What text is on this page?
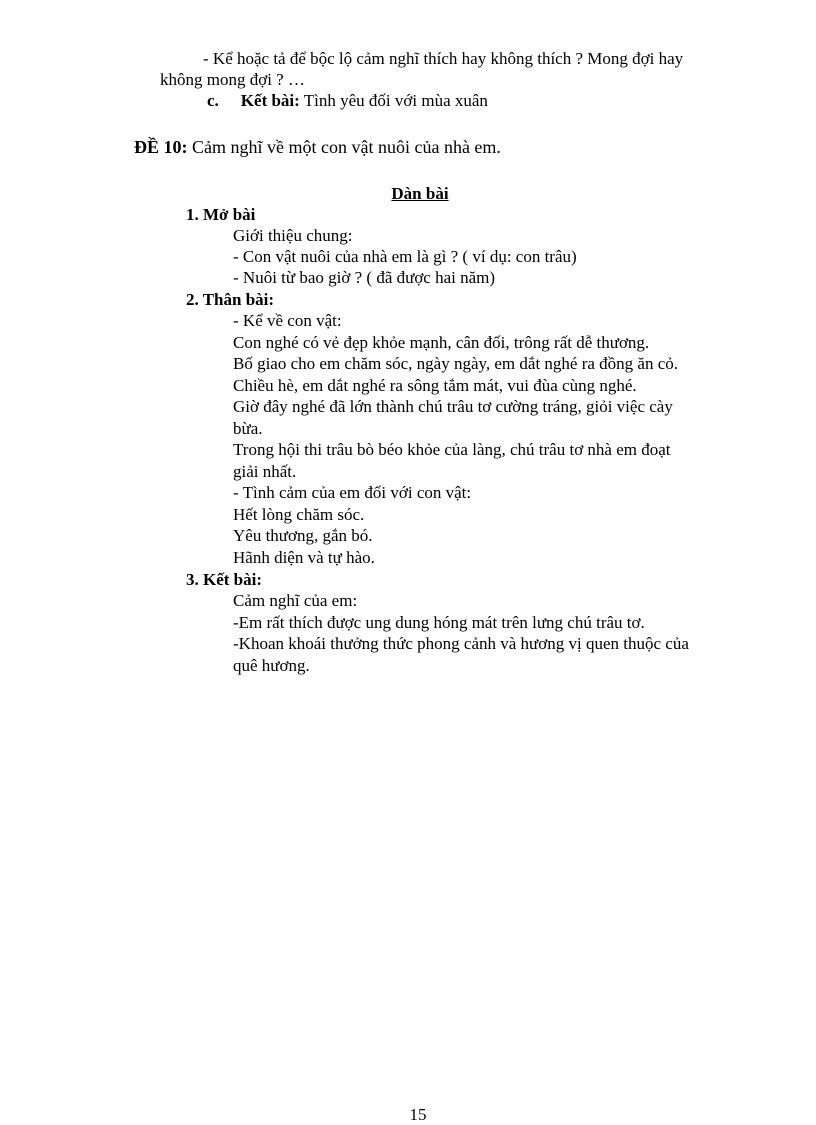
- Kể hoặc tả để bộc lộ cảm nghĩ thích hay không thích ? Mong đợi hay
không mong đợi ? …
c. Kết bài: Tình yêu đối với mùa xuân
ĐỀ 10: Cảm nghĩ về một con vật nuôi của nhà em.
Dàn bài
1. Mở bài
Giới thiệu chung:
- Con vật nuôi của nhà em là gì ? ( ví dụ: con trâu)
- Nuôi từ bao giờ ? ( đã được hai năm)
2. Thân bài:
- Kể về con vật:
Con nghé có vẻ đẹp khỏe mạnh, cân đối, trông rất dễ thương.
Bố giao cho em chăm sóc, ngày ngày, em dắt nghé ra đồng ăn cỏ.
Chiều hè, em dắt nghé ra sông tắm mát, vui đùa cùng nghé.
Giờ đây nghé đã lớn thành chú trâu tơ cường tráng, giỏi việc cày
bừa.
Trong hội thi trâu bò béo khỏe của làng, chú trâu tơ nhà em đoạt
giải nhất.
- Tình cảm của em đối với con vật:
Hết lòng chăm sóc.
Yêu thương, gắn bó.
Hãnh diện và tự hào.
3. Kết bài:
Cảm nghĩ của em:
-Em rất thích được ung dung hóng mát trên lưng chú trâu tơ.
-Khoan khoái thưởng thức phong cảnh và hương vị quen thuộc của
quê hương.
15
